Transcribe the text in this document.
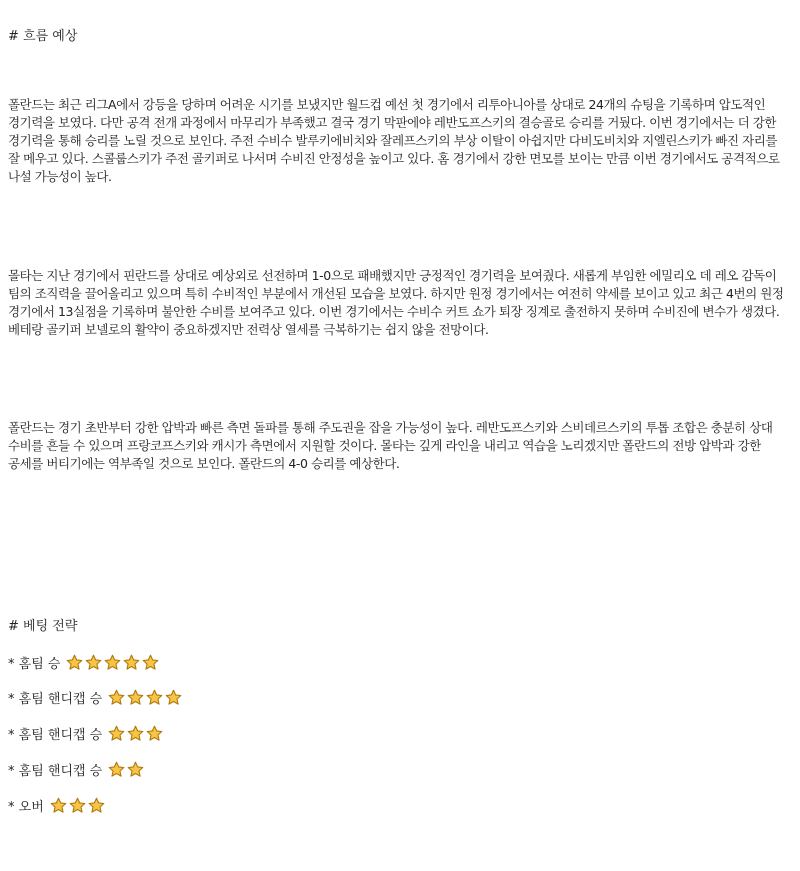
# 흐름 예상
폴란드는 최근 리그A에서 강등을 당하며 어려운 시기를 보냈지만 월드컵 예선 첫 경기에서 리투아니아를 상대로 24개의 슈팅을 기록하며 압도적인 경기력을 보였다. 다만 공격 전개 과정에서 마무리가 부족했고 결국 경기 막판에야 레반도프스키의 결승골로 승리를 거뒀다. 이번 경기에서는 더 강한 경기력을 통해 승리를 노릴 것으로 보인다. 주전 수비수 발루키에비치와 잘레프스키의 부상 이탈이 아쉽지만 다비도비치와 지엘린스키가 빠진 자리를 잘 메우고 있다. 스콜룹스키가 주전 골키퍼로 나서며 수비진 안정성을 높이고 있다. 홈 경기에서 강한 면모를 보이는 만큼 이번 경기에서도 공격적으로 나설 가능성이 높다.
몰타는 지난 경기에서 핀란드를 상대로 예상외로 선전하며 1-0으로 패배했지만 긍정적인 경기력을 보여줬다. 새롭게 부임한 에밀리오 데 레오 감독이 팀의 조직력을 끌어올리고 있으며 특히 수비적인 부분에서 개선된 모습을 보였다. 하지만 원정 경기에서는 여전히 약세를 보이고 있고 최근 4번의 원정 경기에서 13실점을 기록하며 불안한 수비를 보여주고 있다. 이번 경기에서는 수비수 커트 쇼가 퇴장 징계로 출전하지 못하며 수비진에 변수가 생겼다. 베테랑 골키퍼 보넬로의 활약이 중요하겠지만 전력상 열세를 극복하기는 쉽지 않을 전망이다.
폴란드는 경기 초반부터 강한 압박과 빠른 측면 돌파를 통해 주도권을 잡을 가능성이 높다. 레반도프스키와 스비데르스키의 투톱 조합은 충분히 상대 수비를 흔들 수 있으며 프랑코프스키와 캐시가 측면에서 지원할 것이다. 몰타는 깊게 라인을 내리고 역습을 노리겠지만 폴란드의 전방 압박과 강한 공세를 버티기에는 역부족일 것으로 보인다. 폴란드의 4-0 승리를 예상한다.
# 베팅 전략
* 홈팀 승
* 홈팀 핸디캡 승
* 홈팀 핸디캡 승
* 홈팀 핸디캡 승
* 오버
